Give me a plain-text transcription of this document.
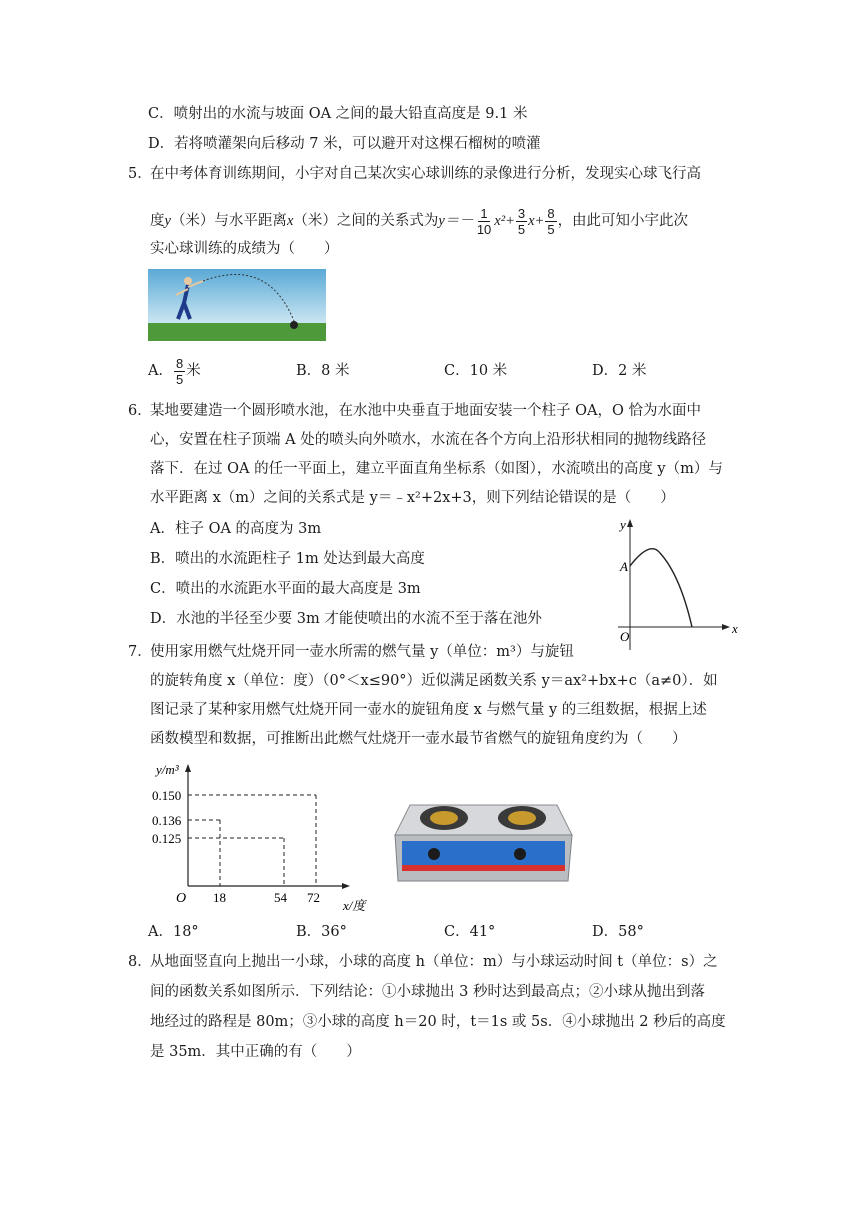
C．喷射出的水流与坡面 OA 之间的最大铅直高度是 9.1 米
D．若将喷灌架向后移动 7 米，可以避开对这棵石榴树的喷灌
5．
在中考体育训练期间，小宇对自己某次实心球训练的录像进行分析，发现实心球飞行高
度 y （米）与水平距离 x （米）之间的关系式为 $y=- \frac{1}{10} x^2+ \frac{3}{5} x+ \frac{8}{5}$ ，由此可知小宇此次
实心球训练的成绩为（　　）
A． $\frac{8}{5}$ 米	B．8 米	C．10 米	D．2 米
6．
某地要建造一个圆形喷水池，在水池中央垂直于地面安装一个柱子 OA，O 恰为水面中
心，安置在柱子顶端 A 处的喷头向外喷水，水流在各个方向上沿形状相同的抛物线路径
落下．在过 OA 的任一平面上，建立平面直角坐标系（如图），水流喷出的高度 y（m）与
水平距离 x（m）之间的关系式是 y＝﹣x²+2x+3，则下列结论错误的是（　　）
A．柱子 OA 的高度为 3m
B．喷出的水流距柱子 1m 处达到最大高度
C．喷出的水流距水平面的最大高度是 3m
D．水池的半径至少要 3m 才能使喷出的水流不至于落在池外
y
x
O
A
7．
使用家用燃气灶烧开同一壶水所需的燃气量 y（单位：m³）与旋钮
的旋转角度 x（单位：度）（0°＜x≤90°）近似满足函数关系 y＝ax²+bx+c（a≠0）．如
图记录了某种家用燃气灶烧开同一壶水的旋钮角度 x 与燃气量 y 的三组数据，根据上述
函数模型和数据，可推断出此燃气灶烧开一壶水最节省燃气的旋钮角度约为（　　）
y/m³
x/度
O
0.150
0.136
0.125
18	54 72
A．18°	B．36°	C．41°	D．58°
8．
从地面竖直向上抛出一小球，小球的高度 h（单位：m）与小球运动时间 t（单位：s）之
间的函数关系如图所示．下列结论：①小球抛出 3 秒时达到最高点；②小球从抛出到落
地经过的路程是 80m；③小球的高度 h＝20 时，t＝1s 或 5s．④小球抛出 2 秒后的高度
是 35m．其中正确的有（　　）
